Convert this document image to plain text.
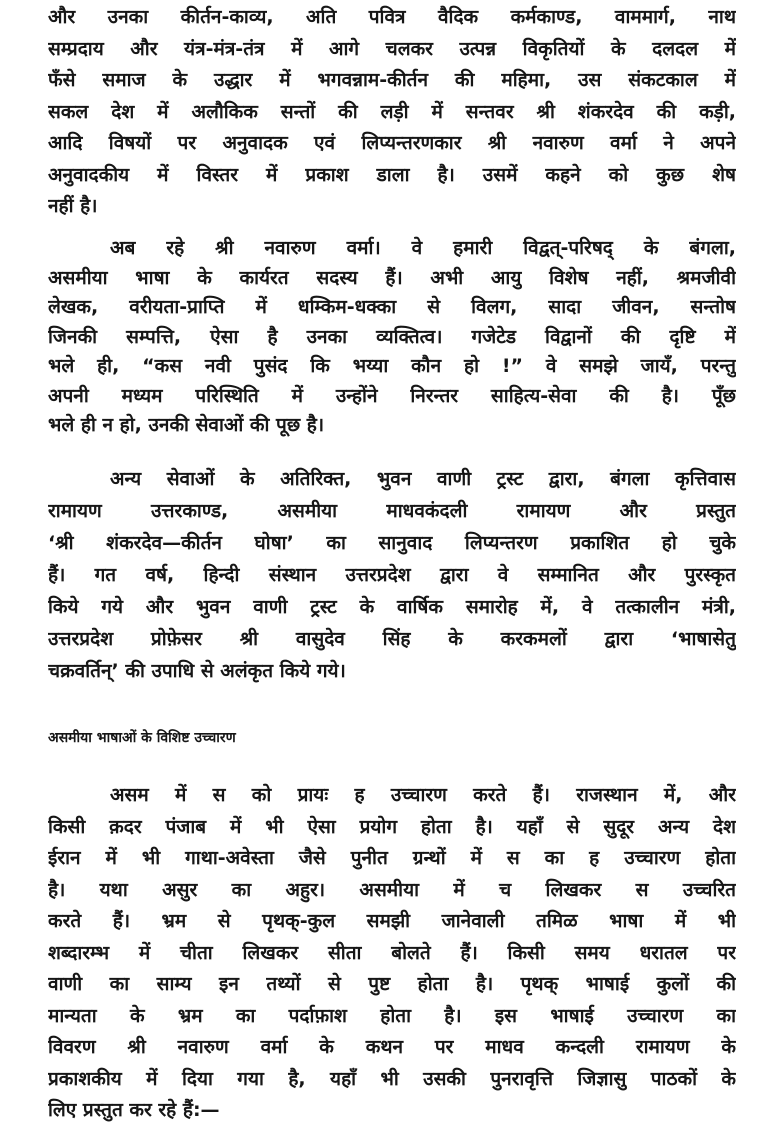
और उनका कीर्तन-काव्य, अति पवित्र वैदिक कर्मकाण्ड, वाममार्ग, नाथ
सम्प्रदाय और यंत्र-मंत्र-तंत्र में आगे चलकर उत्पन्न विकृतियों के दलदल में
फँसे समाज के उद्धार में भगवन्नाम-कीर्तन की महिमा, उस संकटकाल में
सकल देश में अलौकिक सन्तों की लड़ी में सन्तवर श्री शंकरदेव की कड़ी,
आदि विषयों पर अनुवादक एवं लिप्यन्तरणकार श्री नवारुण वर्मा ने अपने
अनुवादकीय में विस्तर में प्रकाश डाला है। उसमें कहने को कुछ शेष
नहीं है।
अब रहे श्री नवारुण वर्मा। वे हमारी विद्वत्-परिषद् के बंगला,
असमीया भाषा के कार्यरत सदस्य हैं। अभी आयु विशेष नहीं, श्रमजीवी
लेखक, वरीयता-प्राप्ति में धम्किम-धक्का से विलग, सादा जीवन, सन्तोष
जिनकी सम्पत्ति, ऐसा है उनका व्यक्तित्व। गजेटेड विद्वानों की दृष्टि में
भले ही, “कस नवी पुसंद कि भय्या कौन हो !” वे समझे जायँ, परन्तु
अपनी मध्यम परिस्थिति में उन्होंने निरन्तर साहित्य-सेवा की है। पूँछ
भले ही न हो, उनकी सेवाओं की पूछ है।
अन्य सेवाओं के अतिरिक्त, भुवन वाणी ट्रस्ट द्वारा, बंगला कृत्तिवास
रामायण उत्तरकाण्ड, असमीया माधवकंदली रामायण और प्रस्तुत
‘श्री शंकरदेव—कीर्तन घोषा’ का सानुवाद लिप्यन्तरण प्रकाशित हो चुके
हैं। गत वर्ष, हिन्दी संस्थान उत्तरप्रदेश द्वारा वे सम्मानित और पुरस्कृत
किये गये और भुवन वाणी ट्रस्ट के वार्षिक समारोह में, वे तत्कालीन मंत्री,
उत्तरप्रदेश प्रोफ़ेसर श्री वासुदेव सिंह के करकमलों द्वारा ‘भाषासेतु
चक्रवर्तिन्’ की उपाधि से अलंकृत किये गये।
असमीया भाषाओं के विशिष्ट उच्चारण
असम में स को प्रायः ह उच्चारण करते हैं। राजस्थान में, और
किसी क़दर पंजाब में भी ऐसा प्रयोग होता है। यहाँ से सुदूर अन्य देश
ईरान में भी गाथा-अवेस्ता जैसे पुनीत ग्रन्थों में स का ह उच्चारण होता
है। यथा असुर का अहुर। असमीया में च लिखकर स उच्चरित
करते हैं। भ्रम से पृथक्-कुल समझी जानेवाली तमिळ भाषा में भी
शब्दारम्भ में चीता लिखकर सीता बोलते हैं। किसी समय धरातल पर
वाणी का साम्य इन तथ्यों से पुष्ट होता है। पृथक् भाषाई कुलों की
मान्यता के भ्रम का पर्दाफ़ाश होता है। इस भाषाई उच्चारण का
विवरण श्री नवारुण वर्मा के कथन पर माधव कन्दली रामायण के
प्रकाशकीय में दिया गया है, यहाँ भी उसकी पुनरावृत्ति जिज्ञासु पाठकों के
लिए प्रस्तुत कर रहे हैं:—
